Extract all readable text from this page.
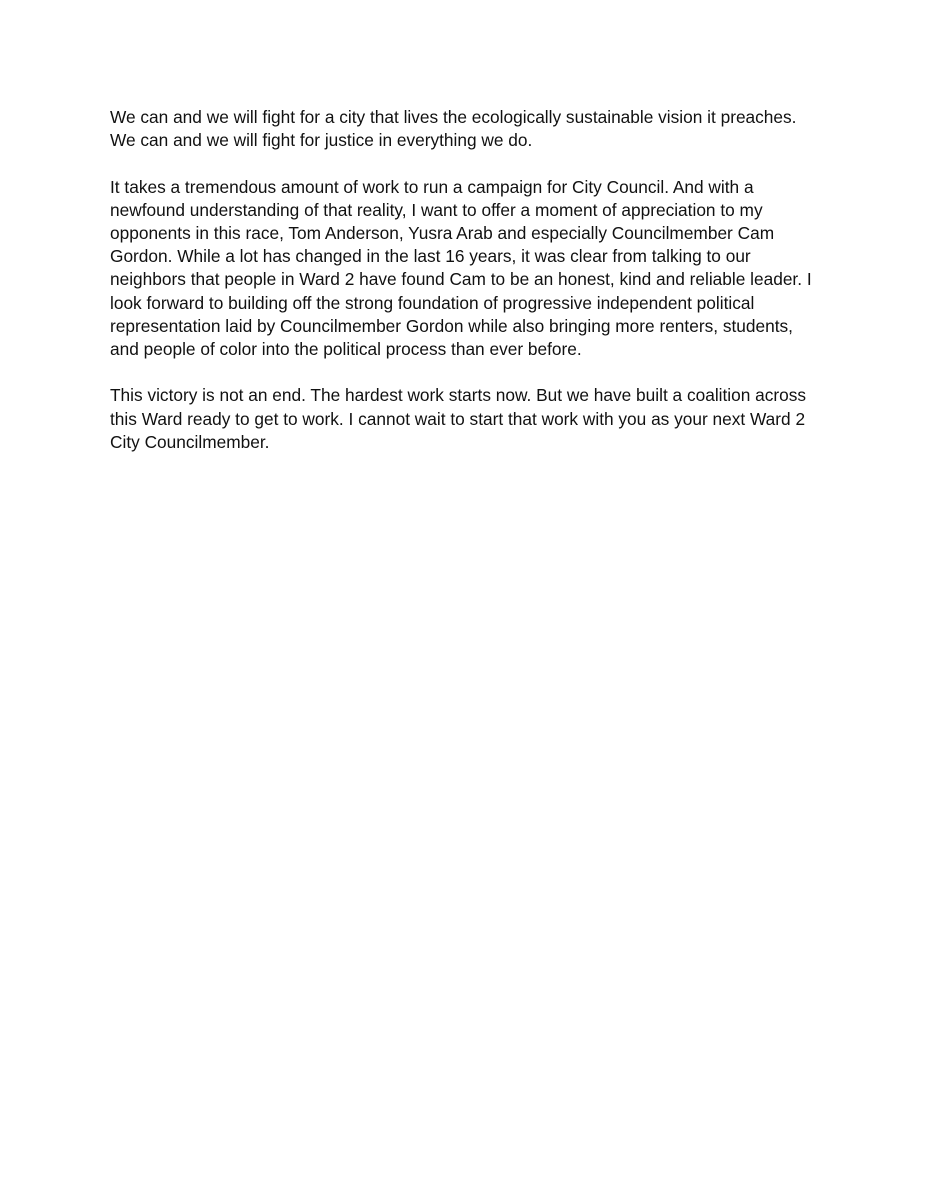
We can and we will fight for a city that lives the ecologically sustainable vision it preaches.
We can and we will fight for justice in everything we do.

It takes a tremendous amount of work to run a campaign for City Council. And with a
newfound understanding of that reality, I want to offer a moment of appreciation to my
opponents in this race, Tom Anderson, Yusra Arab and especially Councilmember Cam
Gordon. While a lot has changed in the last 16 years, it was clear from talking to our
neighbors that people in Ward 2 have found Cam to be an honest, kind and reliable leader. I
look forward to building off the strong foundation of progressive independent political
representation laid by Councilmember Gordon while also bringing more renters, students,
and people of color into the political process than ever before.

This victory is not an end. The hardest work starts now. But we have built a coalition across
this Ward ready to get to work. I cannot wait to start that work with you as your next Ward 2
City Councilmember.
